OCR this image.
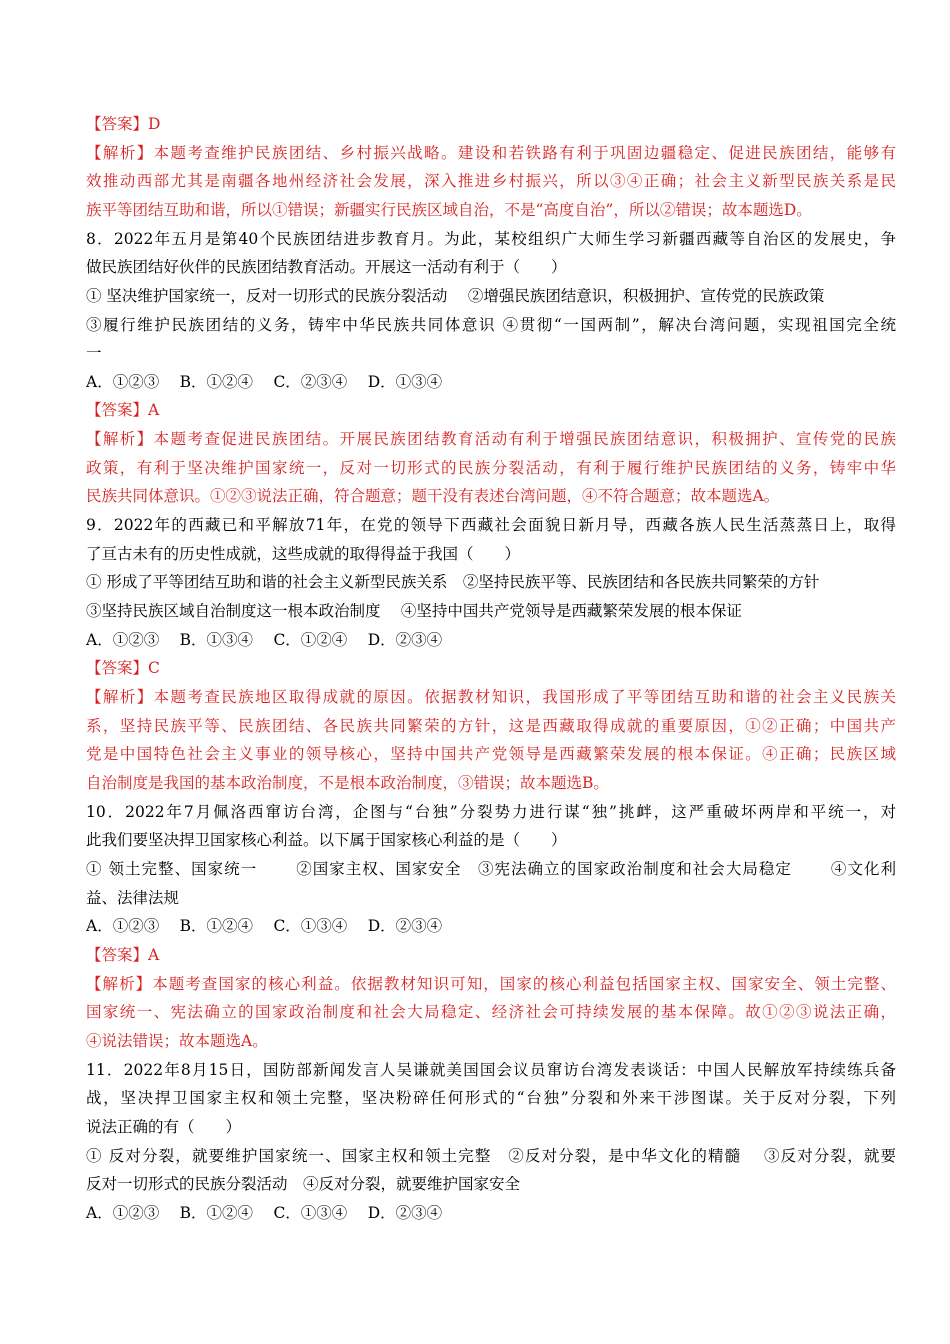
【答案】D
【解析】本题考查维护民族团结、乡村振兴战略。建设和若铁路有利于巩固边疆稳定、促进民族团结，能够有
效推动西部尤其是南疆各地州经济社会发展，深入推进乡村振兴，所以③④正确；社会主义新型民族关系是民
族平等团结互助和谐，所以①错误；新疆实行民族区域自治，不是“高度自治”，所以②错误；故本题选D。
8．2022年五月是第40个民族团结进步教育月。为此，某校组织广大师生学习新疆西藏等自治区的发展史，争
做民族团结好伙伴的民族团结教育活动。开展这一活动有利于（　　）
① 坚决维护国家统一，反对一切形式的民族分裂活动　 ②增强民族团结意识，积极拥护、宣传党的民族政策
③履行维护民族团结的义务，铸牢中华民族共同体意识 ④贯彻“一国两制”，解决台湾问题，实现祖国完全统
一
A．①②③　 B．①②④　 C．②③④　 D．①③④
【答案】A
【解析】本题考查促进民族团结。开展民族团结教育活动有利于增强民族团结意识，积极拥护、宣传党的民族
政策，有利于坚决维护国家统一，反对一切形式的民族分裂活动，有利于履行维护民族团结的义务，铸牢中华
民族共同体意识。①②③说法正确，符合题意；题干没有表述台湾问题，④不符合题意；故本题选A。
9．2022年的西藏已和平解放71年，在党的领导下西藏社会面貌日新月导，西藏各族人民生活蒸蒸日上，取得
了亘古未有的历史性成就，这些成就的取得得益于我国（　　）
① 形成了平等团结互助和谐的社会主义新型民族关系　②坚持民族平等、民族团结和各民族共同繁荣的方针
③坚持民族区域自治制度这一根本政治制度　 ④坚持中国共产党领导是西藏繁荣发展的根本保证
A．①②③　 B．①③④　 C．①②④　 D．②③④
【答案】C
【解析】本题考查民族地区取得成就的原因。依据教材知识，我国形成了平等团结互助和谐的社会主义民族关
系，坚持民族平等、民族团结、各民族共同繁荣的方针，这是西藏取得成就的重要原因，①②正确；中国共产
党是中国特色社会主义事业的领导核心，坚持中国共产党领导是西藏繁荣发展的根本保证。④正确；民族区域
自治制度是我国的基本政治制度，不是根本政治制度，③错误；故本题选B。
10．2022年7月佩洛西窜访台湾，企图与“台独”分裂势力进行谋“独”挑衅，这严重破坏两岸和平统一，对
此我们要坚决捍卫国家核心利益。以下属于国家核心利益的是（　　）
① 领土完整、国家统一　　 ②国家主权、国家安全　③宪法确立的国家政治制度和社会大局稳定　　 ④文化利
益、法律法规
A．①②③　 B．①②④　 C．①③④　 D．②③④
【答案】A
【解析】本题考查国家的核心利益。依据教材知识可知，国家的核心利益包括国家主权、国家安全、领土完整、
国家统一、宪法确立的国家政治制度和社会大局稳定、经济社会可持续发展的基本保障。故①②③说法正确，
④说法错误；故本题选A。
11．2022年8月15日，国防部新闻发言人吴谦就美国国会议员窜访台湾发表谈话：中国人民解放军持续练兵备
战，坚决捍卫国家主权和领土完整，坚决粉碎任何形式的“台独”分裂和外来干涉图谋。关于反对分裂，下列
说法正确的有（　　）
① 反对分裂，就要维护国家统一、国家主权和领土完整　②反对分裂，是中华文化的精髓　 ③反对分裂，就要
反对一切形式的民族分裂活动　④反对分裂，就要维护国家安全
A．①②③　 B．①②④　 C．①③④　 D．②③④
